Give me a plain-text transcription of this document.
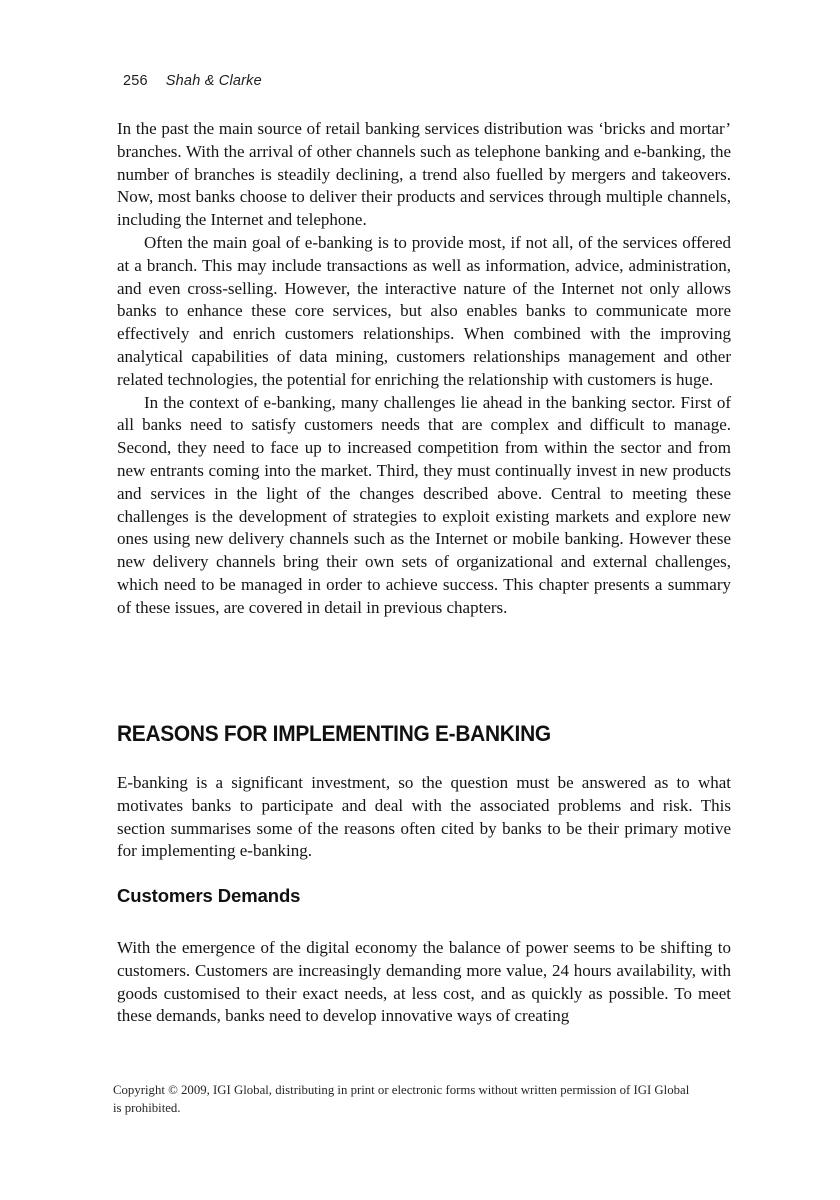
256 Shah & Clarke

In the past the main source of retail banking services distribution was ‘bricks and mortar’ branches. With the arrival of other channels such as telephone banking and e-banking, the number of branches is steadily declining, a trend also fuelled by mergers and takeovers. Now, most banks choose to deliver their products and services through multiple channels, including the Internet and telephone.

Often the main goal of e-banking is to provide most, if not all, of the services offered at a branch. This may include transactions as well as information, advice, administration, and even cross-selling. However, the interactive nature of the Internet not only allows banks to enhance these core services, but also enables banks to communicate more effectively and enrich customers relationships. When combined with the improving analytical capabilities of data mining, customers relationships management and other related technologies, the potential for enriching the relationship with customers is huge.

In the context of e-banking, many challenges lie ahead in the banking sector. First of all banks need to satisfy customers needs that are complex and difficult to manage. Second, they need to face up to increased competition from within the sector and from new entrants coming into the market. Third, they must continually invest in new products and services in the light of the changes described above. Central to meeting these challenges is the development of strategies to exploit existing markets and explore new ones using new delivery channels such as the Internet or mobile banking. However these new delivery channels bring their own sets of organizational and external challenges, which need to be managed in order to achieve success. This chapter presents a summary of these issues, are covered in detail in previous chapters.

REASONS FOR IMPLEMENTING E-BANKING

E-banking is a significant investment, so the question must be answered as to what motivates banks to participate and deal with the associated problems and risk. This section summarises some of the reasons often cited by banks to be their primary motive for implementing e-banking.

Customers Demands

With the emergence of the digital economy the balance of power seems to be shifting to customers. Customers are increasingly demanding more value, 24 hours availability, with goods customised to their exact needs, at less cost, and as quickly as possible. To meet these demands, banks need to develop innovative ways of creating

Copyright © 2009, IGI Global, distributing in print or electronic forms without written permission of IGI Global
is prohibited.
